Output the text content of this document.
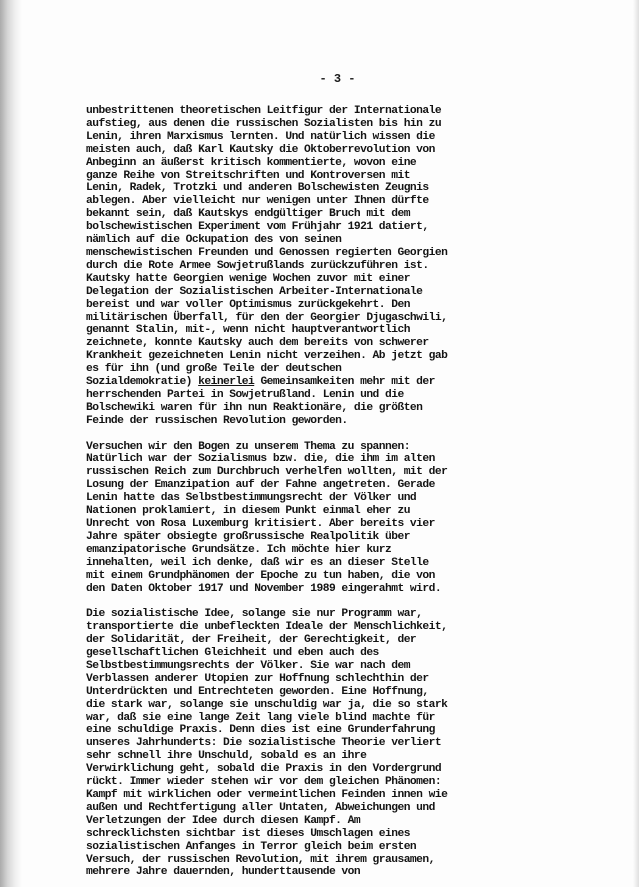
- 3 -
unbestrittenen theoretischen Leitfigur der Internationale
aufstieg, aus denen die russischen Sozialisten bis hin zu
Lenin, ihren Marxismus lernten. Und natürlich wissen die
meisten auch, daß Karl Kautsky die Oktoberrevolution von
Anbeginn an äußerst kritisch kommentierte, wovon eine
ganze Reihe von Streitschriften und Kontroversen mit
Lenin, Radek, Trotzki und anderen Bolschewisten Zeugnis
ablegen. Aber vielleicht nur wenigen unter Ihnen dürfte
bekannt sein, daß Kautskys endgültiger Bruch mit dem
bolschewistischen Experiment vom Frühjahr 1921 datiert,
nämlich auf die Ockupation des von seinen
menschewistischen Freunden und Genossen regierten Georgien
durch die Rote Armee Sowjetrußlands zurückzuführen ist.
Kautsky hatte Georgien wenige Wochen zuvor mit einer
Delegation der Sozialistischen Arbeiter-Internationale
bereist und war voller Optimismus zurückgekehrt. Den
militärischen Überfall, für den der Georgier Djugaschwili,
genannt Stalin, mit-, wenn nicht hauptverantwortlich
zeichnete, konnte Kautsky auch dem bereits von schwerer
Krankheit gezeichneten Lenin nicht verzeihen. Ab jetzt gab
es für ihn (und große Teile der deutschen
Sozialdemokratie) keinerlei Gemeinsamkeiten mehr mit der
herrschenden Partei in Sowjetrußland. Lenin und die
Bolschewiki waren für ihn nun Reaktionäre, die größten
Feinde der russischen Revolution geworden.
Versuchen wir den Bogen zu unserem Thema zu spannen:
Natürlich war der Sozialismus bzw. die, die ihm im alten
russischen Reich zum Durchbruch verhelfen wollten, mit der
Losung der Emanzipation auf der Fahne angetreten. Gerade
Lenin hatte das Selbstbestimmungsrecht der Völker und
Nationen proklamiert, in diesem Punkt einmal eher zu
Unrecht von Rosa Luxemburg kritisiert. Aber bereits vier
Jahre später obsiegte großrussische Realpolitik über
emanzipatorische Grundsätze. Ich möchte hier kurz
innehalten, weil ich denke, daß wir es an dieser Stelle
mit einem Grundphänomen der Epoche zu tun haben, die von
den Daten Oktober 1917 und November 1989 eingerahmt wird.
Die sozialistische Idee, solange sie nur Programm war,
transportierte die unbefleckten Ideale der Menschlichkeit,
der Solidarität, der Freiheit, der Gerechtigkeit, der
gesellschaftlichen Gleichheit und eben auch des
Selbstbestimmungsrechts der Völker. Sie war nach dem
Verblassen anderer Utopien zur Hoffnung schlechthin der
Unterdrückten und Entrechteten geworden. Eine Hoffnung,
die stark war, solange sie unschuldig war ja, die so stark
war, daß sie eine lange Zeit lang viele blind machte für
eine schuldige Praxis. Denn dies ist eine Grunderfahrung
unseres Jahrhunderts: Die sozialistische Theorie verliert
sehr schnell ihre Unschuld, sobald es an ihre
Verwirklichung geht, sobald die Praxis in den Vordergrund
rückt. Immer wieder stehen wir vor dem gleichen Phänomen:
Kampf mit wirklichen oder vermeintlichen Feinden innen wie
außen und Rechtfertigung aller Untaten, Abweichungen und
Verletzungen der Idee durch diesen Kampf. Am
schrecklichsten sichtbar ist dieses Umschlagen eines
sozialistischen Anfanges in Terror gleich beim ersten
Versuch, der russischen Revolution, mit ihrem grausamen,
mehrere Jahre dauernden, hunderttausende von
